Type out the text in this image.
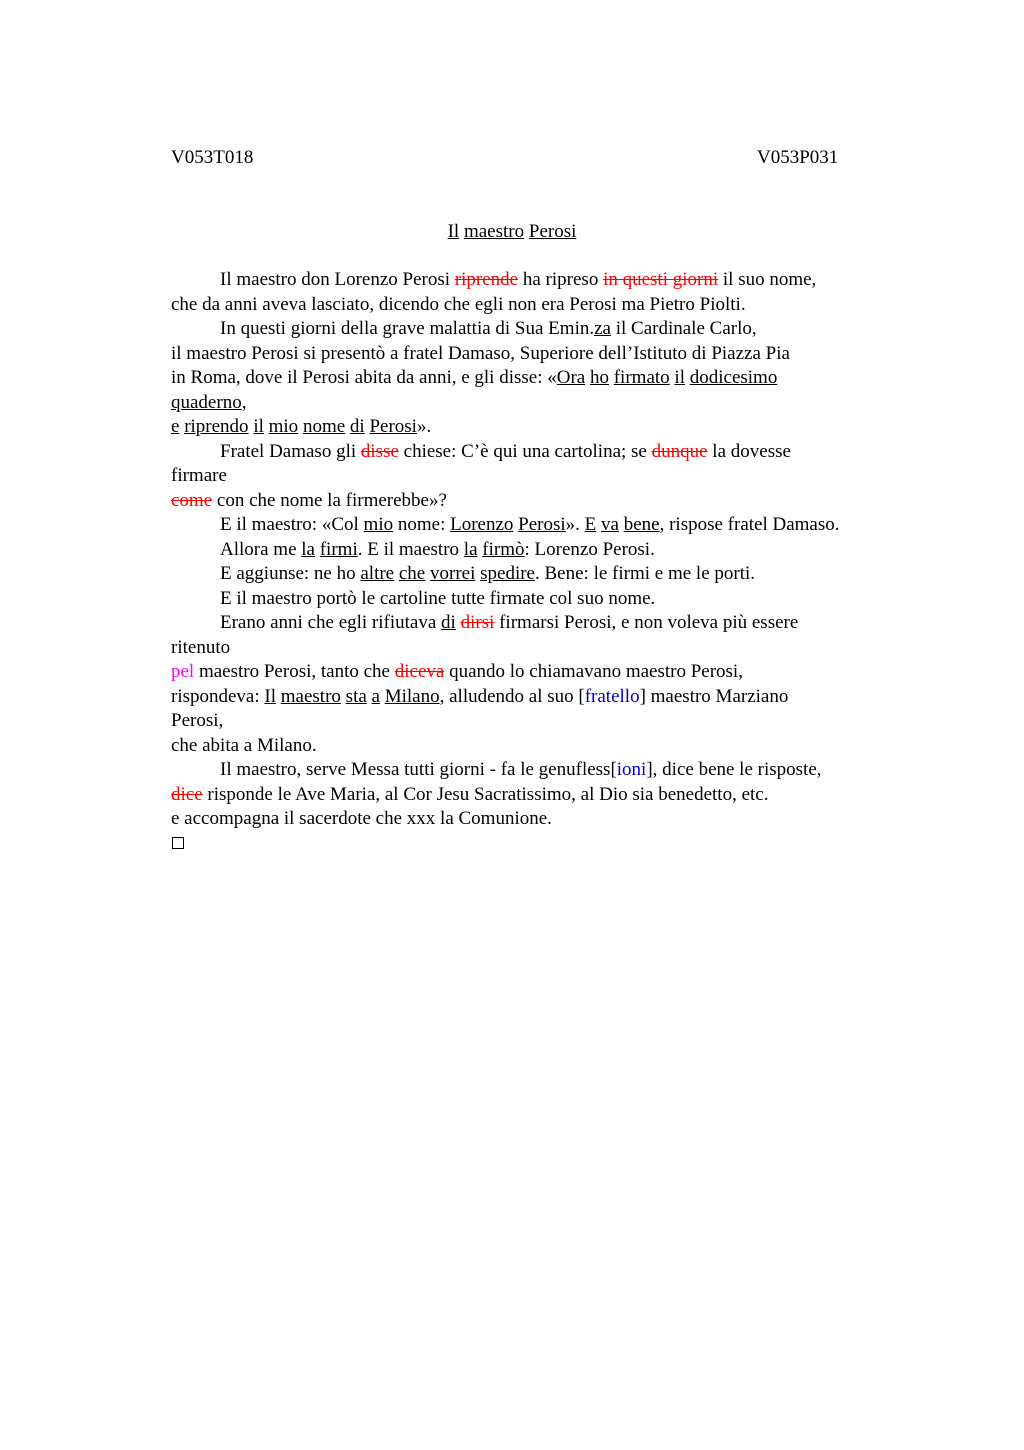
V053T018	V053P031
Il maestro Perosi
Il maestro don Lorenzo Perosi riprende ha ripreso in questi giorni il suo nome,
che da anni aveva lasciato, dicendo che egli non era Perosi ma Pietro Piolti.
In questi giorni della grave malattia di Sua Emin.za il Cardinale Carlo,
il maestro Perosi si presentò a fratel Damaso, Superiore dell’Istituto di Piazza Pia
in Roma, dove il Perosi abita da anni, e gli disse: «Ora ho firmato il dodicesimo
quaderno,
e riprendo il mio nome di Perosi».
Fratel Damaso gli disse chiese: C’è qui una cartolina; se dunque la dovesse
firmare
come con che nome la firmerebbe»?
E il maestro: «Col mio nome: Lorenzo Perosi». E va bene, rispose fratel Damaso.
Allora me la firmi. E il maestro la firmò: Lorenzo Perosi.
E aggiunse: ne ho altre che vorrei spedire. Bene: le firmi e me le porti.
E il maestro portò le cartoline tutte firmate col suo nome.
Erano anni che egli rifiutava di dirsi firmarsi Perosi, e non voleva più essere
ritenuto
pel maestro Perosi, tanto che diceva quando lo chiamavano maestro Perosi,
rispondeva: Il maestro sta a Milano, alludendo al suo [fratello] maestro Marziano
Perosi,
che abita a Milano.
Il maestro, serve Messa tutti giorni - fa le genufless[ioni], dice bene le risposte,
dice risponde le Ave Maria, al Cor Jesu Sacratissimo, al Dio sia benedetto, etc.
e accompagna il sacerdote che xxx la Comunione.
